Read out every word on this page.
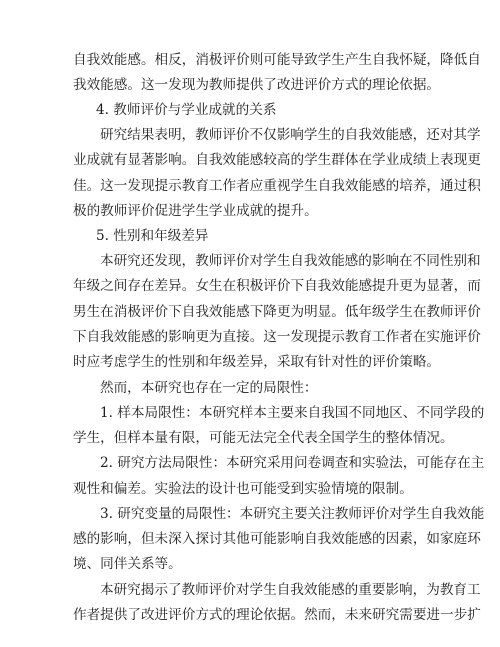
自我效能感。相反，消极评价则可能导致学生产生自我怀疑，降低自
我效能感。这一发现为教师提供了改进评价方式的理论依据。
4. 教师评价与学业成就的关系
研究结果表明，教师评价不仅影响学生的自我效能感，还对其学
业成就有显著影响。自我效能感较高的学生群体在学业成绩上表现更
佳。这一发现提示教育工作者应重视学生自我效能感的培养，通过积
极的教师评价促进学生学业成就的提升。
5. 性别和年级差异
本研究还发现，教师评价对学生自我效能感的影响在不同性别和
年级之间存在差异。女生在积极评价下自我效能感提升更为显著，而
男生在消极评价下自我效能感下降更为明显。低年级学生在教师评价
下自我效能感的影响更为直接。这一发现提示教育工作者在实施评价
时应考虑学生的性别和年级差异，采取有针对性的评价策略。
然而，本研究也存在一定的局限性：
1. 样本局限性：本研究样本主要来自我国不同地区、不同学段的
学生，但样本量有限，可能无法完全代表全国学生的整体情况。
2. 研究方法局限性：本研究采用问卷调查和实验法，可能存在主
观性和偏差。实验法的设计也可能受到实验情境的限制。
3. 研究变量的局限性：本研究主要关注教师评价对学生自我效能
感的影响，但未深入探讨其他可能影响自我效能感的因素，如家庭环
境、同伴关系等。
本研究揭示了教师评价对学生自我效能感的重要影响，为教育工
作者提供了改进评价方式的理论依据。然而，未来研究需要进一步扩
